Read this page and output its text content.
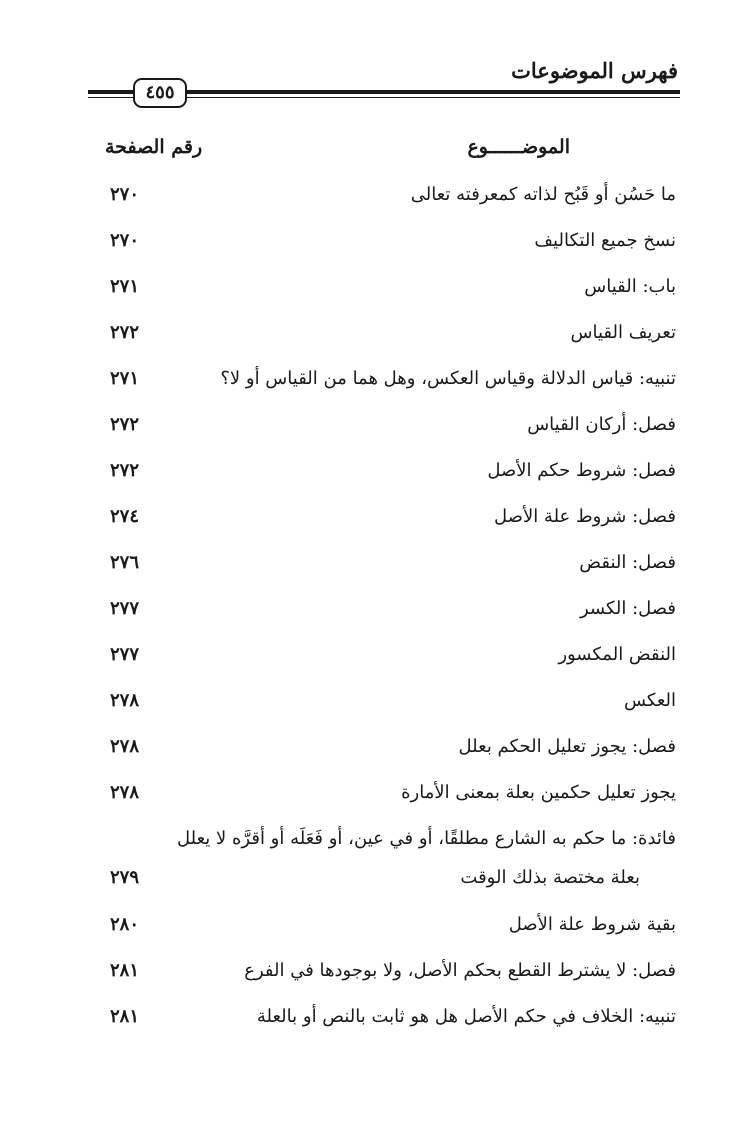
فهرس الموضوعات
٤٥٥
الموضــــــوع
رقم الصفحة
ما حَسُن أو قَبُح لذاته كمعرفته تعالى
٢٧٠
نسخ جميع التكاليف
٢٧٠
باب: القياس
٢٧١
تعريف القياس
٢٧٢
تنبيه: قياس الدلالة وقياس العكس، وهل هما من القياس أو لا؟
٢٧١
فصل: أركان القياس
٢٧٢
فصل: شروط حكم الأصل
٢٧٢
فصل: شروط علة الأصل
٢٧٤
فصل: النقض
٢٧٦
فصل: الكسر
٢٧٧
النقض المكسور
٢٧٧
العكس
٢٧٨
فصل: يجوز تعليل الحكم بعلل
٢٧٨
يجوز تعليل حكمين بعلة بمعنى الأمارة
٢٧٨
فائدة: ما حكم به الشارع مطلقًا، أو في عين، أو فَعَلَه أو أقرَّه لا يعلل
بعلة مختصة بذلك الوقت
٢٧٩
بقية شروط علة الأصل
٢٨٠
فصل: لا يشترط القطع بحكم الأصل، ولا بوجودها في الفرع
٢٨١
تنبيه: الخلاف في حكم الأصل هل هو ثابت بالنص أو بالعلة
٢٨١
